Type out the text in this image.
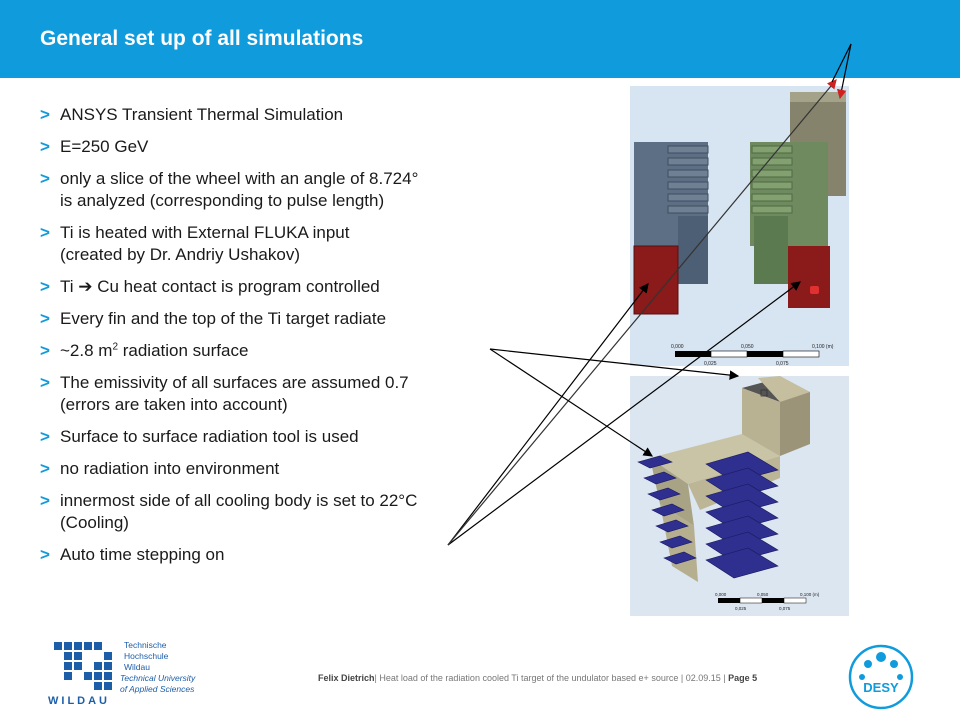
General set up of all simulations
> ANSYS Transient Thermal Simulation
> E=250 GeV
> only a slice of the wheel with an angle of 8.724°
is analyzed (corresponding to pulse length)
> Ti is heated with External FLUKA input
(created by Dr. Andriy Ushakov)
> Ti ➔ Cu heat contact is program controlled
> Every fin and the top of the Ti target radiate
> ~2.8 $m^2$ radiation surface
> The emissivity of all surfaces are assumed 0.7
(errors are taken into account)
> Surface to surface radiation tool is used
> no radiation into environment
> innermost side of all cooling body is set to 22°C
(Cooling)
> Auto time stepping on
0,000	0,050	0,100 (m)
0,025	0,075
0,000	0,050	0,100 (m)
0,025	0,075
Felix Dietrich| Heat load of the radiation cooled Ti target of the undulator based e+ source | 02.09.15 | Page 5
WILDAU
Technische
Hochschule
Wildau
Technical University
of Applied Sciences	DESY
